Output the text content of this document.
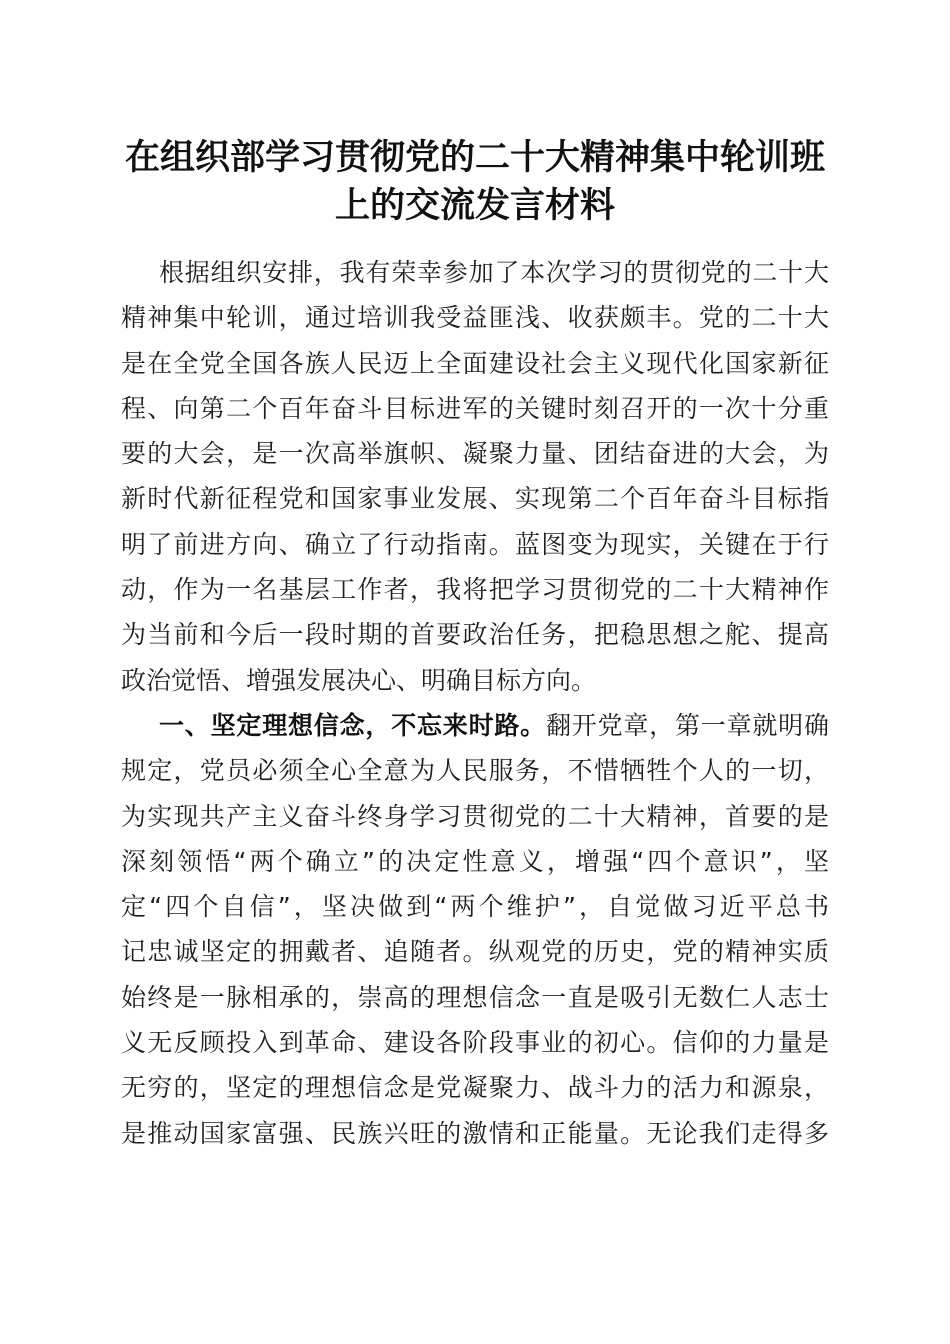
在组织部学习贯彻党的二十大精神集中轮训班
上的交流发言材料
根据组织安排，我有荣幸参加了本次学习的贯彻党的二十大
精神集中轮训，通过培训我受益匪浅、收获颇丰。党的二十大
是在全党全国各族人民迈上全面建设社会主义现代化国家新征
程、向第二个百年奋斗目标进军的关键时刻召开的一次十分重
要的大会，是一次高举旗帜、凝聚力量、团结奋进的大会，为
新时代新征程党和国家事业发展、实现第二个百年奋斗目标指
明了前进方向、确立了行动指南。蓝图变为现实，关键在于行
动，作为一名基层工作者，我将把学习贯彻党的二十大精神作
为当前和今后一段时期的首要政治任务，把稳思想之舵、提高
政治觉悟、增强发展决心、明确目标方向。
一、坚定理想信念，不忘来时路。翻开党章，第一章就明确
规定，党员必须全心全意为人民服务，不惜牺牲个人的一切，
为实现共产主义奋斗终身学习贯彻党的二十大精神，首要的是
深刻领悟“两个确立”的决定性意义，增强“四个意识”，坚
定“四个自信”，坚决做到“两个维护”，自觉做习近平总书
记忠诚坚定的拥戴者、追随者。纵观党的历史，党的精神实质
始终是一脉相承的，崇高的理想信念一直是吸引无数仁人志士
义无反顾投入到革命、建设各阶段事业的初心。信仰的力量是
无穷的，坚定的理想信念是党凝聚力、战斗力的活力和源泉，
是推动国家富强、民族兴旺的激情和正能量。无论我们走得多
